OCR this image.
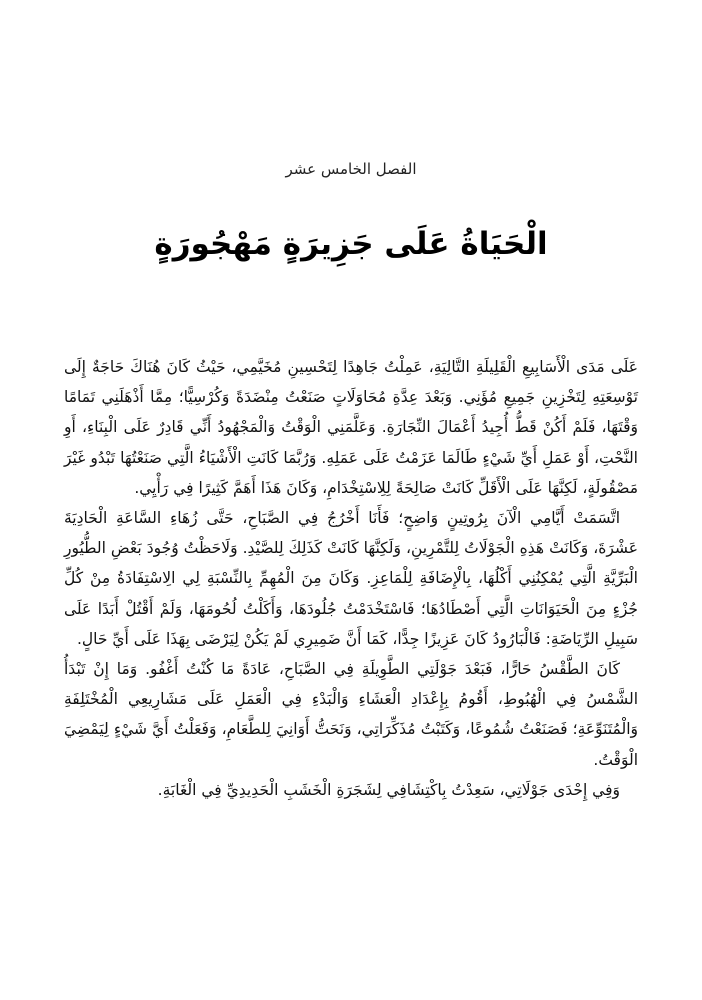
الفصل الخامس عشر
الْحَيَاةُ عَلَى جَزِيرَةٍ مَهْجُورَةٍ

عَلَى مَدَى الْأَسَابِيعِ الْقَلِيلَةِ التَّالِيَةِ، عَمِلْتُ جَاهِدًا لِتَحْسِينِ مُخَيَّمِي، حَيْثُ كَانَ هُنَاكَ حَاجَةٌ إِلَى تَوْسِعَتِهِ لِتَخْزِينِ جَمِيعِ مُؤَنِي. وَبَعْدَ عِدَّةِ مُحَاوَلَاتٍ صَنَعْتُ مِنْضَدَةً وَكُرْسِيًّا؛ مِمَّا أَذْهَلَنِي تَمَامًا وَقْتَهَا، فَلَمْ أَكُنْ قَطُّ أُجِيدُ أَعْمَالَ النِّجَارَةِ. وَعَلَّمَنِي الْوَقْتُ وَالْمَجْهُودُ أَنِّي قَادِرٌ عَلَى الْبِنَاءِ، أَوِ النَّحْتِ، أَوْ عَمَلِ أَيِّ شَيْءٍ طَالَمَا عَزَمْتُ عَلَى عَمَلِهِ. وَرُبَّمَا كَانَتِ الْأَشْيَاءُ الَّتِي صَنَعْتُهَا تَبْدُو غَيْرَ مَصْقُولَةٍ، لَكِنَّهَا عَلَى الْأَقَلِّ كَانَتْ صَالِحَةً لِلِاسْتِخْدَامِ، وَكَانَ هَذَا أَهَمَّ كَثِيرًا فِي رَأْيِي.

اتَّسَمَتْ أَيَّامِي الْآنَ بِرُوتِينٍ وَاضِحٍ؛ فَأَنَا أَخْرُجُ فِي الصَّبَاحِ، حَتَّى زُهَاءِ السَّاعَةِ الْحَادِيَةَ عَشْرَةَ، وَكَانَتْ هَذِهِ الْجَوْلَاتُ لِلتَّمْرِينِ، وَلَكِنَّهَا كَانَتْ كَذَلِكَ لِلصَّيْدِ. وَلَاحَظْتُ وُجُودَ بَعْضِ الطُّيُورِ الْبَرِّيَّةِ الَّتِي يُمْكِنُنِي أَكْلُهَا، بِالْإِضَافَةِ لِلْمَاعِزِ. وَكَانَ مِنَ الْمُهِمِّ بِالنِّسْبَةِ لِي الِاسْتِفَادَةُ مِنْ كُلِّ جُزْءٍ مِنَ الْحَيَوَانَاتِ الَّتِي أَصْطَادُهَا؛ فَاسْتَخْدَمْتُ جُلُودَهَا، وَأَكَلْتُ لُحُومَهَا، وَلَمْ أَقْتُلْ أَبَدًا عَلَى سَبِيلِ الرِّيَاضَةِ: فَالْبَارُودُ كَانَ عَزِيزًا جِدًّا، كَمَا أَنَّ ضَمِيرِي لَمْ يَكُنْ لِيَرْضَى بِهَذَا عَلَى أَيِّ حَالٍ.

كَانَ الطَّقْسُ حَارًّا، فَبَعْدَ جَوْلَتِي الطَّوِيلَةِ فِي الصَّبَاحِ، عَادَةً مَا كُنْتُ أَغْفُو. وَمَا إِنْ تَبْدَأُ الشَّمْسُ فِي الْهُبُوطِ، أَقُومُ بِإِعْدَادِ الْعَشَاءِ وَالْبَدْءِ فِي الْعَمَلِ عَلَى مَشَارِيعِي الْمُخْتَلِفَةِ وَالْمُتَنَوِّعَةِ؛ فَصَنَعْتُ شُمُوعًا، وَكَتَبْتُ مُذَكِّرَاتِي، وَنَحَتُّ أَوَانِيَ لِلطَّعَامِ، وَفَعَلْتُ أَيَّ شَيْءٍ لِيَمْضِيَ الْوَقْتُ.

وَفِي إِحْدَى جَوْلَاتِي، سَعِدْتُ بِاكْتِشَافِي لِشَجَرَةِ الْخَشَبِ الْحَدِيدِيِّ فِي الْغَابَةِ.
